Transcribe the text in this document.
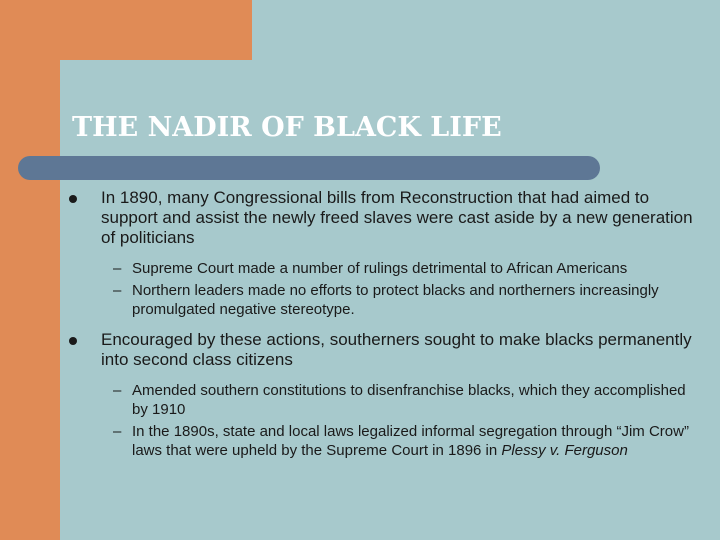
THE NADIR OF BLACK LIFE

In 1890, many Congressional bills from Reconstruction that had aimed to support and assist the newly freed slaves were cast aside by a new generation of politicians

– Supreme Court made a number of rulings detrimental to African Americans

– Northern leaders made no efforts to protect blacks and northerners increasingly promulgated negative stereotype.

Encouraged by these actions, southerners sought to make blacks permanently into second class citizens

– Amended southern constitutions to disenfranchise blacks, which they accomplished by 1910

– In the 1890s, state and local laws legalized informal segregation through “Jim Crow” laws that were upheld by the Supreme Court in 1896 in Plessy v. Ferguson
